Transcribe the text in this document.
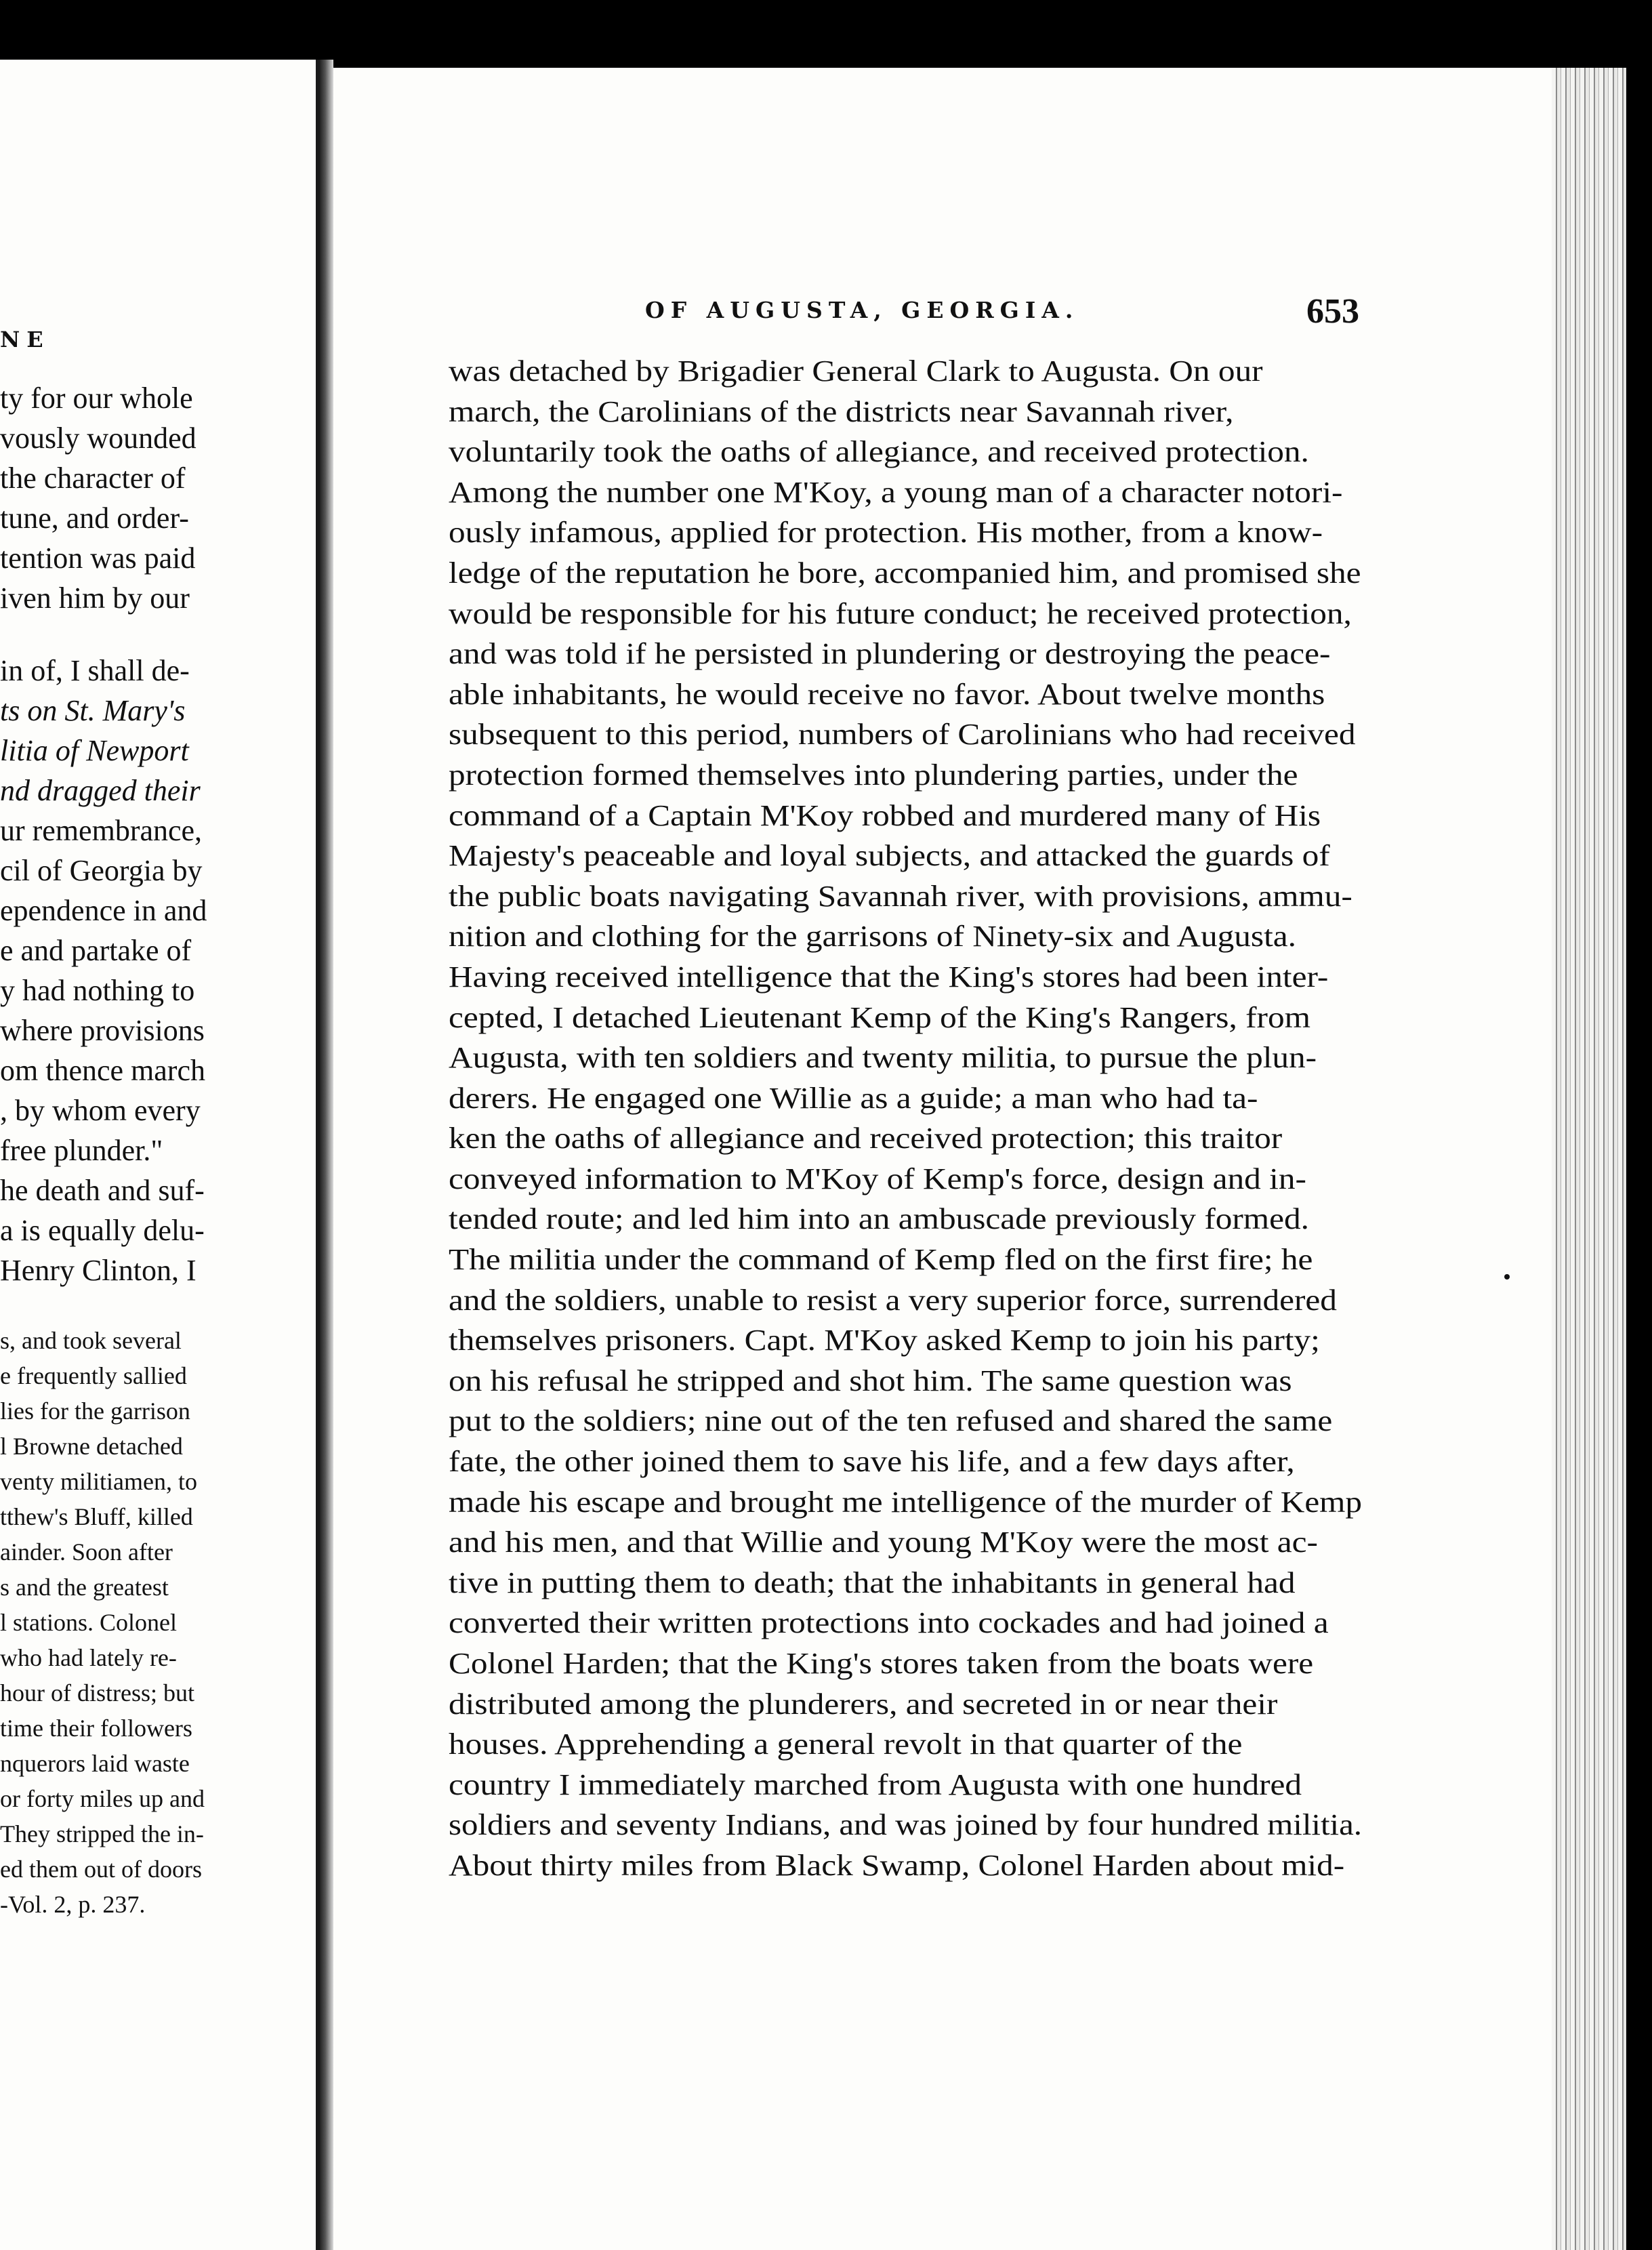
NE

ty for our whole
vously wounded
the character of
tune, and order-
tention was paid
iven him by our
in of, I shall de-
ts on St. Mary's
litia of Newport
nd dragged their
ur remembrance,
cil of Georgia by
ependence in and
e and partake of
y had nothing to
where provisions
om thence march
, by whom every
free plunder."
he death and suf-
a is equally delu-
Henry Clinton, I
s, and took several
e frequently sallied
lies for the garrison
l Browne detached
venty militiamen, to
tthew's Bluff, killed
ainder. Soon after
s and the greatest
l stations. Colonel
who had lately re-
hour of distress; but
time their followers
nquerors laid waste
or forty miles up and
They stripped the in-
ed them out of doors
-Vol. 2, p. 237.

OF AUGUSTA, GEORGIA.	653

was detached by Brigadier General Clark to Augusta. On our
march, the Carolinians of the districts near Savannah river,
voluntarily took the oaths of allegiance, and received protection.
Among the number one M'Koy, a young man of a character notori-
ously infamous, applied for protection. His mother, from a know-
ledge of the reputation he bore, accompanied him, and promised she
would be responsible for his future conduct; he received protection,
and was told if he persisted in plundering or destroying the peace-
able inhabitants, he would receive no favor. About twelve months
subsequent to this period, numbers of Carolinians who had received
protection formed themselves into plundering parties, under the
command of a Captain M'Koy robbed and murdered many of His
Majesty's peaceable and loyal subjects, and attacked the guards of
the public boats navigating Savannah river, with provisions, ammu-
nition and clothing for the garrisons of Ninety-six and Augusta.
Having received intelligence that the King's stores had been inter-
cepted, I detached Lieutenant Kemp of the King's Rangers, from
Augusta, with ten soldiers and twenty militia, to pursue the plun-
derers. He engaged one Willie as a guide; a man who had ta-
ken the oaths of allegiance and received protection; this traitor
conveyed information to M'Koy of Kemp's force, design and in-
tended route; and led him into an ambuscade previously formed.
The militia under the command of Kemp fled on the first fire; he
and the soldiers, unable to resist a very superior force, surrendered
themselves prisoners. Capt. M'Koy asked Kemp to join his party;
on his refusal he stripped and shot him. The same question was
put to the soldiers; nine out of the ten refused and shared the same
fate, the other joined them to save his life, and a few days after,
made his escape and brought me intelligence of the murder of Kemp
and his men, and that Willie and young M'Koy were the most ac-
tive in putting them to death; that the inhabitants in general had
converted their written protections into cockades and had joined a
Colonel Harden; that the King's stores taken from the boats were
distributed among the plunderers, and secreted in or near their
houses. Apprehending a general revolt in that quarter of the
country I immediately marched from Augusta with one hundred
soldiers and seventy Indians, and was joined by four hundred militia.
About thirty miles from Black Swamp, Colonel Harden about mid-
